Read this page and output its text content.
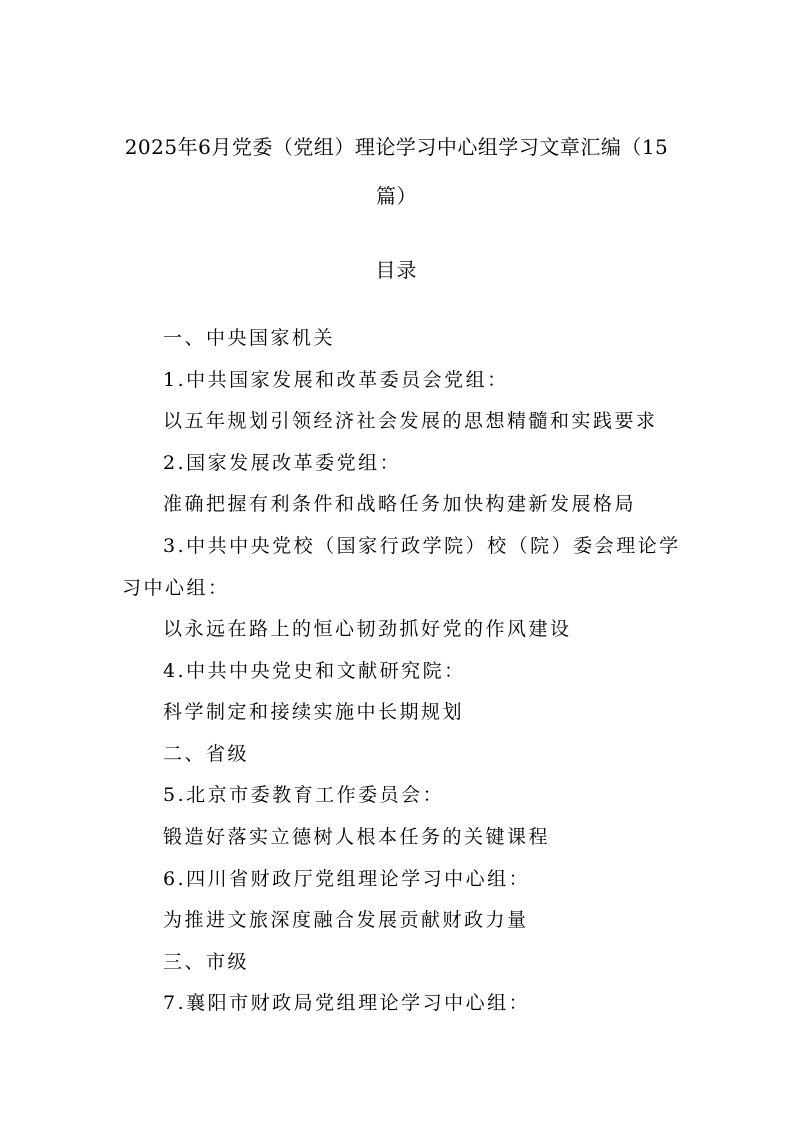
2025年6月党委（党组）理论学习中心组学习文章汇编（15
篇）
目录
一、中央国家机关
1.中共国家发展和改革委员会党组：
以五年规划引领经济社会发展的思想精髓和实践要求
2.国家发展改革委党组：
准确把握有利条件和战略任务加快构建新发展格局
3.中共中央党校（国家行政学院）校（院）委会理论学
习中心组：
以永远在路上的恒心韧劲抓好党的作风建设
4.中共中央党史和文献研究院：
科学制定和接续实施中长期规划
二、省级
5.北京市委教育工作委员会：
锻造好落实立德树人根本任务的关键课程
6.四川省财政厅党组理论学习中心组：
为推进文旅深度融合发展贡献财政力量
三、市级
7.襄阳市财政局党组理论学习中心组：
